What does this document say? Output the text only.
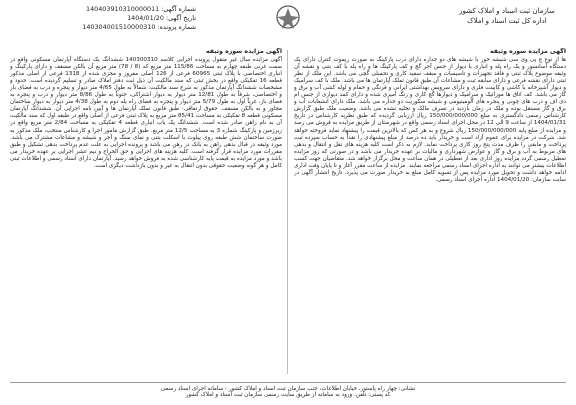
شماره آگهی: 140403910310000011
تاریخ آگهی: 1404/01/20
شماره پرونده: 140304001510000310
سازمان ثبت اسناد و املاک کشور
اداره کل ثبت اسناد و املاک
آگهی مزایده سوره وثیقه
ها از نوع چ پی وی سی شیشه خور با شیشه های دو جداره دارای درب پارکینگ به صورت ریموت کنترل دارای یک دستگاه آسانسور و یک راه پله و انباری با دیوار از جنس آجر گچ و کف پارکینگ ها و راه پله با کف بتنی و نقشه آن وثیقه موضوع پلاک ثبتی و فاقد تجهیزات و تاسیسات و سقف سفید کاری و تحمیلی گچی می باشد. این ملک از نظر ثبتی دارای نقشه فرعی و دارای سابقه ثبت و مشاعات آن طبق قانون تملک آپارتمان ها می باشد. ملک با کف سرامیک و دیوار آشپزخانه با کاشی و کابینت فلزی و دارای سرویس بهداشتی ایرانی و فرنگی و حمام و لوله کشی آب و برق و گاز می باشد. کف اتاق ها موزائیک و سرامیک و دیوارها گچ کاری و رنگ آمیزی شده و دارای کمد دیواری از جنس ام دی اف و درب های چوبی و پنجره های آلومینیومی و شیشه سکوریت دو جداره می باشد. ملک دارای انشعابات آب و برق و گاز مستقل بوده و ملک در زمان بازدید در تصرف مالک و تخلیه نشده می باشد. وضعیت ملک طبق گزارش کارشناس رسمی دادگستری به مبلغ 150/000/000/000 ریال ارزیابی گردیده که طبق نظریه کارشناس در تاریخ 1404/01/31 از ساعت 9 الی 12 در محل اجرای اسناد رسمی واقع در شهرستان از طریق مزایده به فروش می رسد و مزایده از مبلغ پایه 150/000/000/000 ریال شروع و به هر کس که بالاترین قیمت را پیشنهاد نماید فروخته خواهد شد. شرکت در مزایده برای عموم آزاد است و خریدار باید ده درصد از مبلغ پیشنهادی را نقداً به حساب سپرده ثبت پرداخت و مابقی را ظرف مدت پنج روز کاری پرداخت نماید. لازم به ذکر است کلیه هزینه های نقل و انتقال و بدهی های مربوط به آب و برق و گاز و عوارض شهرداری و مالیات بر عهده خریدار می باشد و در صورتی که روز مزایده تعطیل رسمی گردد مزایده روز اداری بعد از تعطیلی در همان ساعت و محل برگزار خواهد شد. متقاضیان جهت کسب اطلاعات بیشتر می توانند به اداره اجرای اسناد رسمی مراجعه نمایند. مزایده از ساعت مقرر آغاز و تا پایان وقت اداری ادامه خواهد داشت و تحویل مورد مزایده پس از تسویه کامل مبلغ به خریدار صورت می پذیرد. تاریخ انتشار آگهی در سایت سازمان: 1404/01/20 اداره اجرای اسناد رسمی.
آگهی مزایده سوره وثیقه
آگهی مزایده سال غیر منقول پرونده اجرایی کلاسه 140300310 ششدانگ یک دستگاه آپارتمان مسکونی واقع در سمت غربی طبقه چهارم به مساحت 115/86 متر مربع که (8 / 78) متر مربع آن بالکن مسقف و دارای پارکینگ و انباری اختصاصی با پلاک ثبتی 60965 فرعی از 126 اصلی مفروز و مجزی شده از 1318 فرعی از اصلی مذکور قطعه 16 تفکیکی واقع در بخش ثبتی که سند مالکیت آن ذیل ثبت دفتر املاک صادر و تسلیم گردیده است. حدود و مشخصات ششدانگ آپارتمان مذکور به شرح سند مالکیت: شمالاً به طول 4/65 متر دیوار و پنجره و درب به فضای باز و اختصاصی، شرقاً به طول 12/81 متر دیوار به دیوار اشتراکی، جنوباً به طول 8/86 متر دیوار و درب و پنجره به فضای باز، غرباً اول به طول 5/79 متر دیوار و پنجره به فضای راه پله دوم به طول 4/38 متر دیوار به دیوار ساختمان مجاور و به بالکن مسقف. حقوق ارتفاقی: طبق قانون تملک آپارتمان ها و آیین نامه اجرایی آن. ششدانگ آپارتمان مسکونی قطعه 8 تفکیکی به مساحت 85/41 متر مربع به پلاک ثبتی فرعی از اصلی واقع در طبقه اول که سند مالکیت آن به نام راهن صادر شده است. ششدانگ یک باب انباری قطعه 4 تفکیکی به مساحت 2/84 متر مربع واقع در زیرزمین و پارکینگ شماره 3 به مساحت 12/5 متر مربع. طبق گزارش مامور اجرا و کارشناس منتخب، ملک مذکور به صورت ساختمان شش طبقه روی پیلوت با اسکلت بتنی و نمای سنگ و آجر و شیشه و مشاعات مشترک می باشد. مورد وثیقه در قبال بدهی راهن به بانک در رهن می باشد و پرونده اجرایی به علت عدم پرداخت بدهی تشکیل و طبق مقررات مورد مزایده قرار گرفته است. کلیه هزینه های اجرایی و حق الحراج و نیم عشر اجرایی بر عهده خریدار می باشد و مورد مزایده به قیمت پایه کارشناسی شده به فروش خواهد رسید. آپارتمان دارای اسناد رسمی و اطلاعات ثبتی کامل و هر گونه وضعیت حقوقی بدون انتقال به غیر و بدون بازداشت دیگری است.
نشانی: چهار راه پاستور، خیابان اطلاعات، جنب سازمان ثبت اسناد و املاک کشور - سامانه اجرای اسناد رسمی
کد پستی: تلفن: ورود به سامانه از طریق سایت رسمی سازمان ثبت اسناد و املاک کشور
